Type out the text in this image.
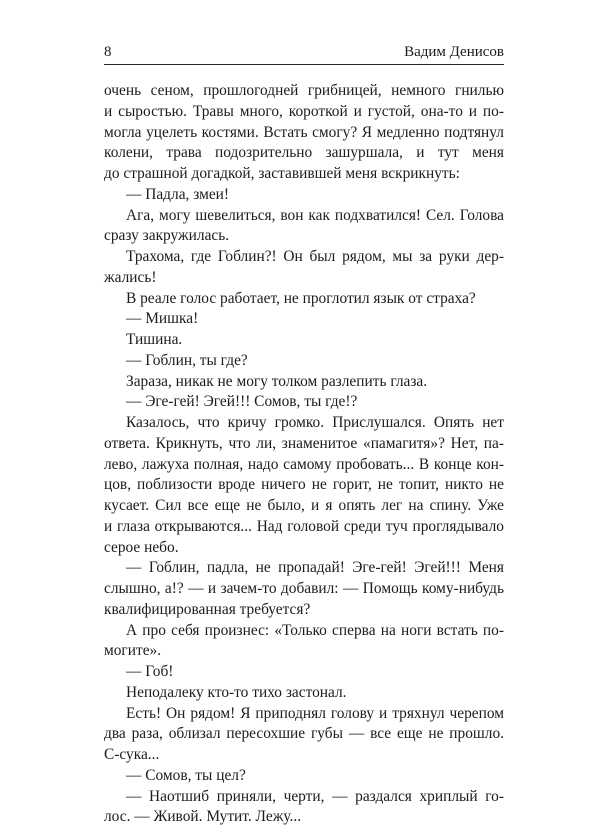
8	Вадим Денисов
очень сеном, прошлогодней грибницей, немного гнилью
и сыростью. Травы много, короткой и густой, она-то и по-
могла уцелеть костями. Встать смогу? Я медленно подтянул
колени, трава подозрительно зашуршала, и тут меня
до страшной догадкой, заставившей меня вскрикнуть:
— Падла, змеи!
Ага, могу шевелиться, вон как подхватился! Сел. Голова
сразу закружилась.
Трахома, где Гоблин?! Он был рядом, мы за руки дер-
жались!
В реале голос работает, не проглотил язык от страха?
— Мишка!
Тишина.
— Гоблин, ты где?
Зараза, никак не могу толком разлепить глаза.
— Эге-гей! Эгей!!! Сомов, ты где!?
Казалось, что кричу громко. Прислушался. Опять нет
ответа. Крикнуть, что ли, знаменитое «памагитя»? Нет, па-
лево, лажуха полная, надо самому пробовать... В конце кон-
цов, поблизости вроде ничего не горит, не топит, никто не
кусает. Сил все еще не было, и я опять лег на спину. Уже
и глаза открываются... Над головой среди туч проглядывало
серое небо.
— Гоблин, падла, не пропадай! Эге-гей! Эгей!!! Меня
слышно, а!? — и зачем-то добавил: — Помощь кому-нибудь
квалифицированная требуется?
А про себя произнес: «Только сперва на ноги встать по-
могите».
— Гоб!
Неподалеку кто-то тихо застонал.
Есть! Он рядом! Я приподнял голову и тряхнул черепом
два раза, облизал пересохшие губы — все еще не прошло.
С-сука...
— Сомов, ты цел?
— Наотшиб приняли, черти, — раздался хриплый го-
лос. — Живой. Мутит. Лежу...
